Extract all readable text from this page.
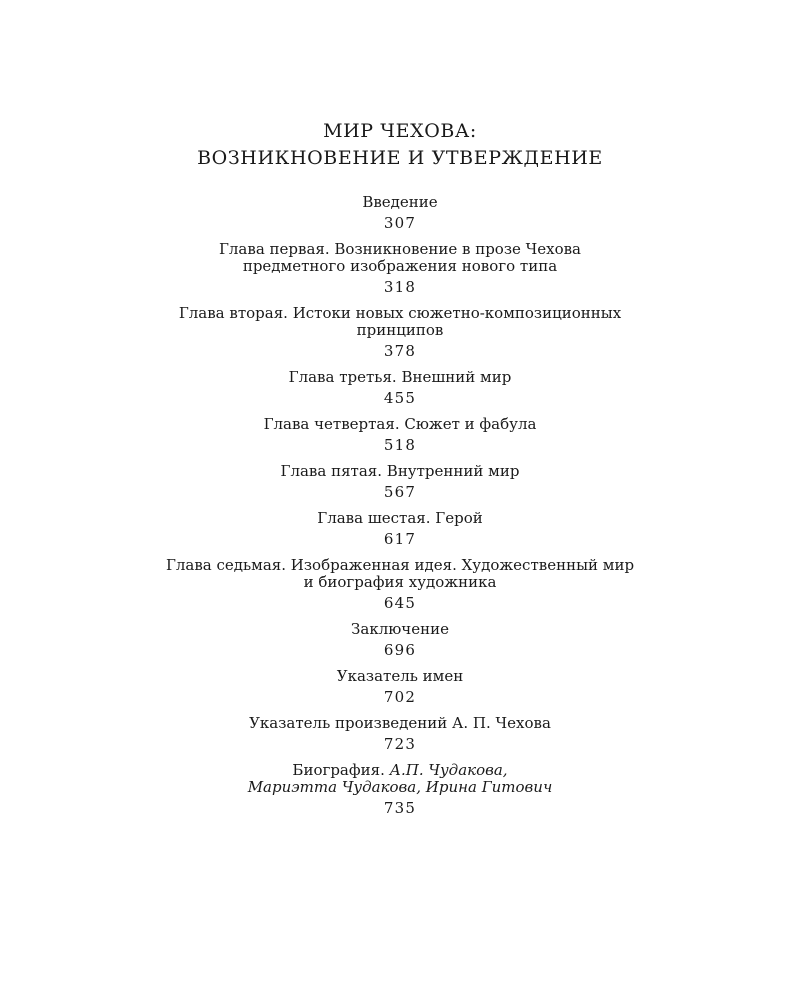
МИР ЧЕХОВА:
ВОЗНИКНОВЕНИЕ И УТВЕРЖДЕНИЕ
Введение
307
Глава первая. Возникновение в прозе Чехова
предметного изображения нового типа
318
Глава вторая. Истоки новых сюжетно-композиционных
принципов
378
Глава третья. Внешний мир
455
Глава четвертая. Сюжет и фабула
518
Глава пятая. Внутренний мир
567
Глава шестая. Герой
617
Глава седьмая. Изображенная идея. Художественный мир
и биография художника
645
Заключение
696
Указатель имен
702
Указатель произведений А. П. Чехова
723
Биография. А.П. Чудакова,
Мариэтта Чудакова, Ирина Гитович
735
